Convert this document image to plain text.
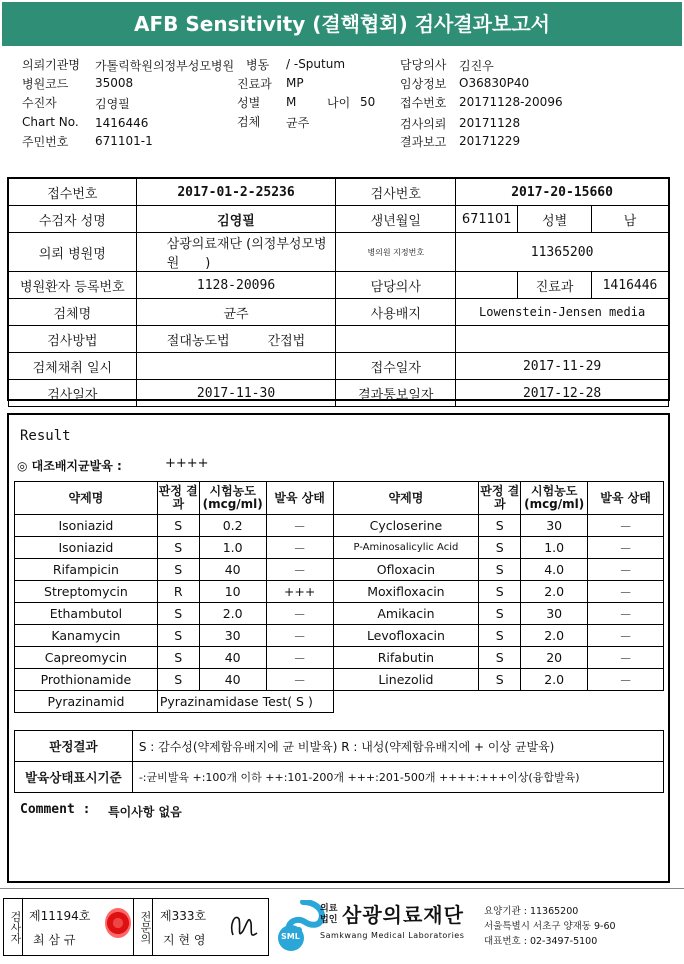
AFB Sensitivity (결핵협회) 검사결과보고서
의뢰기관명 가톨릭학원의정부성모병원
병원코드 35008
수진자	김영필
Chart No. 1416446
주민번호 671101-1
병동 / -Sputum
진료과 MP
성별 M	나이 50
검체 균주
담당의사 김진우
임상정보 O36830P40
접수번호 20171128-20096
검사의뢰 20171128
결과보고 20171229
접수번호	2017-01-2-25236	검사번호	2017-20-15660		
수검자 성명	김영필	생년월일	671101	성별	남
의뢰 병원명	삼광의료재단 (의정부성모병원 )	병의원 지정번호	11365200		
병원환자 등록번호	1128-20096	담당의사		진료과	1416446
검체명	균주	사용배지	Lowenstein-Jensen media		
검사방법	절대농도법 간접법				
검체채취 일시		접수일자	2017-11-29		
검사일자	2017-11-30	결과통보일자	2017-12-28		
Result
◎ 대조배지균발육 :	++++
약제명	판정 결과	시험농도 (mcg/ml)	발육 상태	약제명	판정 결과	시험농도 (mcg/ml)	발육 상태
Isoniazid	S	0.2	－	Cycloserine	S	30	－
Isoniazid	S	1.0	－	P-Aminosalicylic Acid	S	1.0	－
Rifampicin	S	40	－	Ofloxacin	S	4.0	－
Streptomycin	R	10	+++	Moxifloxacin	S	2.0	－
Ethambutol	S	2.0	－	Amikacin	S	30	－
Kanamycin	S	30	－	Levofloxacin	S	2.0	－
Capreomycin	S	40	－	Rifabutin	S	20	－
Prothionamide	S	40	－	Linezolid	S	2.0	－
Pyrazinamid	Pyrazinamidase Test( S )						
판정결과	S : 감수성(약제함유배지에 균 비발육) R : 내성(약제함유배지에 + 이상 균발육)
발육상태표시기준	-:균비발육 +:100개 이하 ++:101-200개 +++:201-500개 ++++:+++이상(융합발육)
Comment : 특이사항 없음
검사자 제11194호
최 삼 규	전문의 제333호
지 현 영	SML
의료 법인 삼광의료재단
Samkwang Medical Laboratories
요양기관 : 11365200
서울특별시 서초구 양재동 9-60
대표번호 : 02-3497-5100
